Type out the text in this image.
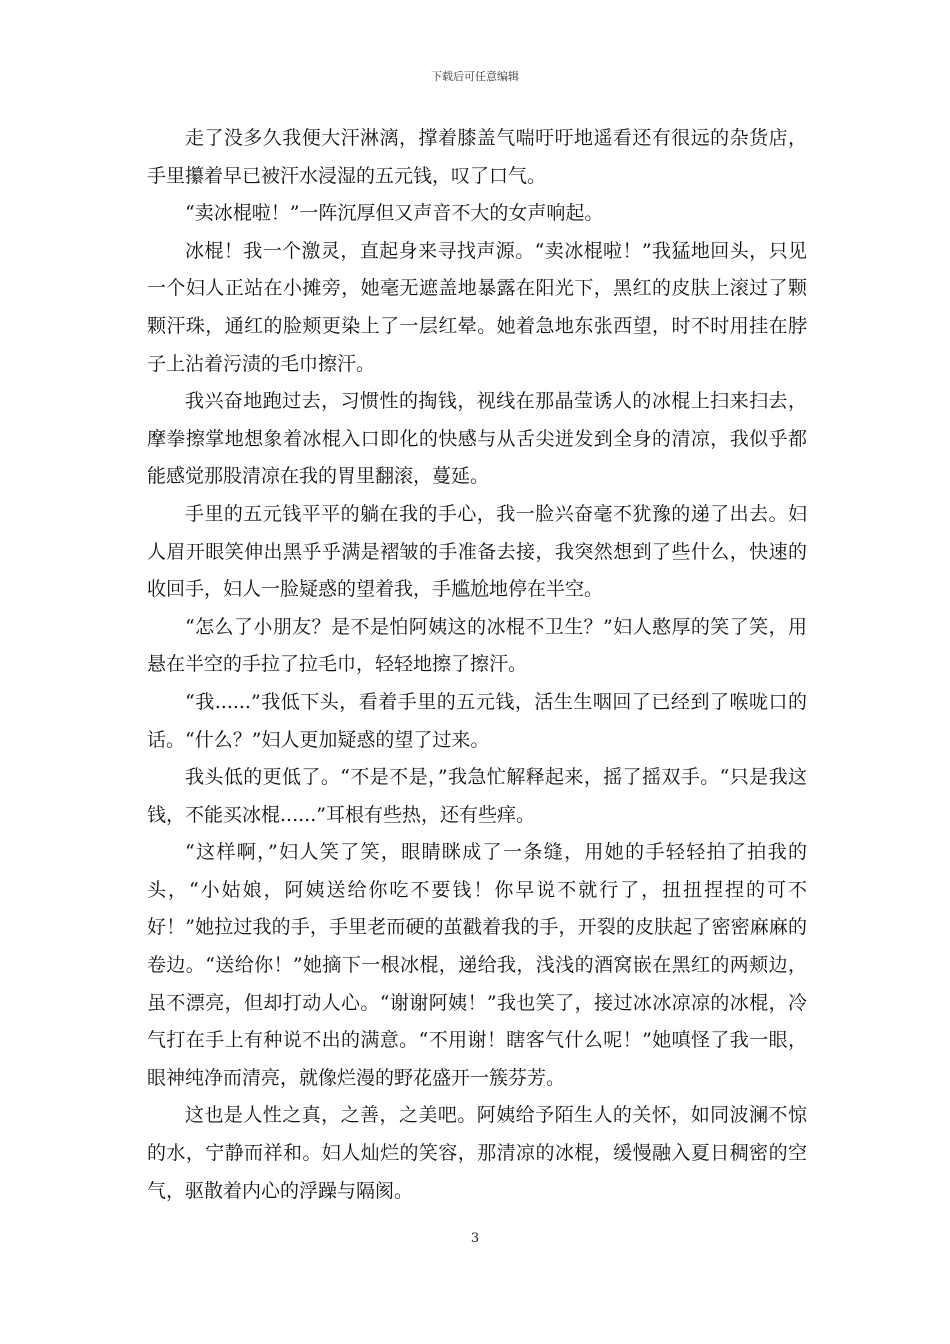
下载后可任意编辑

走了没多久我便大汗淋漓，撑着膝盖气喘吁吁地遥看还有很远的杂货店，手里攥着早已被汗水浸湿的五元钱，叹了口气。

“卖冰棍啦！”一阵沉厚但又声音不大的女声响起。

冰棍！我一个激灵，直起身来寻找声源。“卖冰棍啦！”我猛地回头，只见一个妇人正站在小摊旁，她毫无遮盖地暴露在阳光下，黑红的皮肤上滚过了颗颗汗珠，通红的脸颊更染上了一层红晕。她着急地东张西望，时不时用挂在脖子上沾着污渍的毛巾擦汗。

我兴奋地跑过去，习惯性的掏钱，视线在那晶莹诱人的冰棍上扫来扫去，摩拳擦掌地想象着冰棍入口即化的快感与从舌尖迸发到全身的清凉，我似乎都能感觉那股清凉在我的胃里翻滚，蔓延。

手里的五元钱平平的躺在我的手心，我一脸兴奋毫不犹豫的递了出去。妇人眉开眼笑伸出黑乎乎满是褶皱的手准备去接，我突然想到了些什么，快速的收回手，妇人一脸疑惑的望着我，手尴尬地停在半空。

“怎么了小朋友？是不是怕阿姨这的冰棍不卫生？”妇人憨厚的笑了笑，用悬在半空的手拉了拉毛巾，轻轻地擦了擦汗。

“我......”我低下头，看着手里的五元钱，活生生咽回了已经到了喉咙口的话。“什么？”妇人更加疑惑的望了过来。

我头低的更低了。“不是不是，”我急忙解释起来，摇了摇双手。“只是我这钱，不能买冰棍......”耳根有些热，还有些痒。

“这样啊，”妇人笑了笑，眼睛眯成了一条缝，用她的手轻轻拍了拍我的头，“小姑娘，阿姨送给你吃不要钱！你早说不就行了，扭扭捏捏的可不好！”她拉过我的手，手里老而硬的茧戳着我的手，开裂的皮肤起了密密麻麻的卷边。“送给你！”她摘下一根冰棍，递给我，浅浅的酒窝嵌在黑红的两颊边，虽不漂亮，但却打动人心。“谢谢阿姨！”我也笑了，接过冰冰凉凉的冰棍，冷气打在手上有种说不出的满意。“不用谢！瞎客气什么呢！”她嗔怪了我一眼，眼神纯净而清亮，就像烂漫的野花盛开一簇芬芳。

这也是人性之真，之善，之美吧。阿姨给予陌生人的关怀，如同波澜不惊的水，宁静而祥和。妇人灿烂的笑容，那清凉的冰棍，缓慢融入夏日稠密的空气，驱散着内心的浮躁与隔阂。

3
